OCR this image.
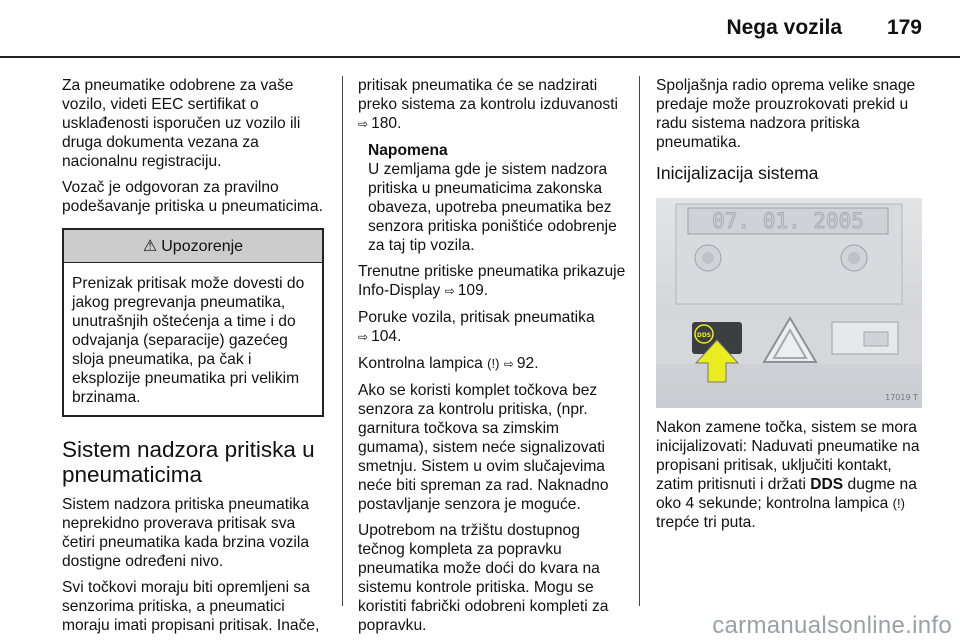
Nega vozila 179

Za pneumatike odobrene za vaše vozilo, videti EEC sertifikat o usklađenosti isporučen uz vozilo ili druga dokumenta vezana za nacionalnu registraciju.

Vozač je odgovoran za pravilno podešavanje pritiska u pneumaticima.

⚠ Upozorenje
Prenizak pritisak može dovesti do jakog pregrevanja pneumatika, unutrašnjih oštećenja a time i do odvajanja (separacije) gazećeg sloja pneumatika, pa čak i eksplozije pneumatika pri velikim brzinama.
Sistem nadzora pritiska u pneumaticima

Sistem nadzora pritiska pneumatika neprekidno proverava pritisak sva četiri pneumatika kada brzina vozila dostigne određeni nivo.

Svi točkovi moraju biti opremljeni sa senzorima pritiska, a pneumatici moraju imati propisani pritisak. Inače,

pritisak pneumatika će se nadzirati preko sistema za kontrolu izduvanosti ⇨ 180.

Napomena

U zemljama gde je sistem nadzora pritiska u pneumaticima zakonska obaveza, upotreba pneumatika bez senzora pritiska poništiće odobrenje za taj tip vozila.

Trenutne pritiske pneumatika prikazuje Info-Display ⇨ 109.

Poruke vozila, pritisak pneumatika ⇨ 104.

Kontrolna lampica (!) ⇨ 92.

Ako se koristi komplet točkova bez senzora za kontrolu pritiska, (npr. garnitura točkova sa zimskim gumama), sistem neće signalizovati smetnju. Sistem u ovim slučajevima neće biti spreman za rad. Naknadno postavljanje senzora je moguće.

Upotrebom na tržištu dostupnog tečnog kompleta za popravku pneumatika može doći do kvara na sistemu kontrole pritiska. Mogu se koristiti fabrički odobreni kompleti za popravku.

Spoljašnja radio oprema velike snage predaje može prouzrokovati prekid u radu sistema nadzora pritiska pneumatika.

Inicijalizacija sistema
07. 01. 2005
DDS
17019 T

Nakon zamene točka, sistem se mora inicijalizovati: Naduvati pneumatike na propisani pritisak, uključiti kontakt, zatim pritisnuti i držati DDS dugme na oko 4 sekunde; kontrolna lampica (!) trepće tri puta.

carmanualsonline.info
